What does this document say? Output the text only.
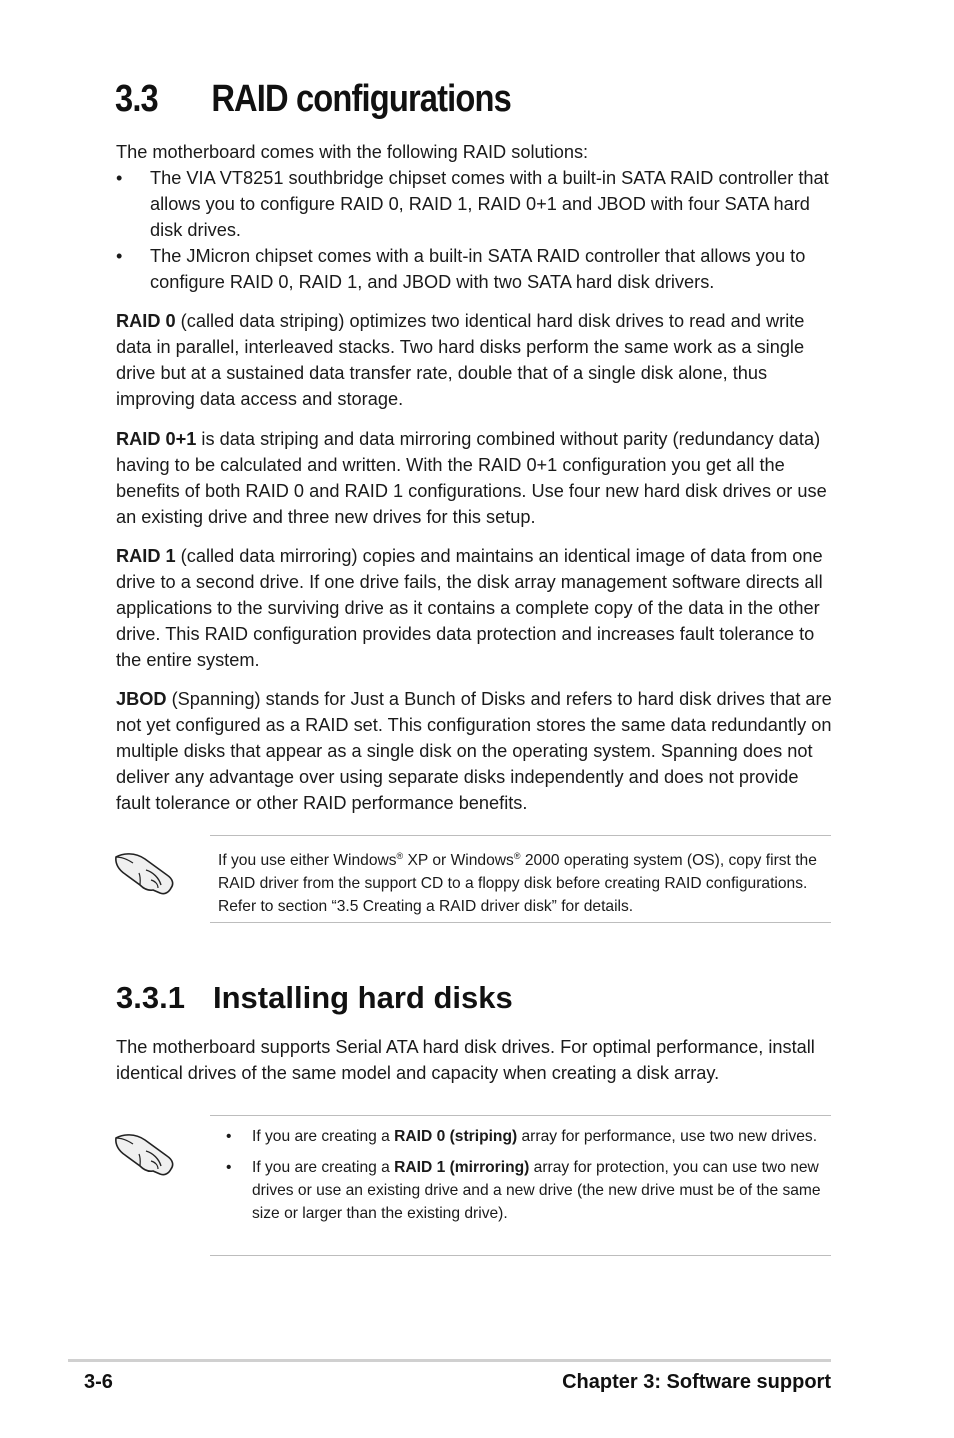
3.3 RAID configurations
The motherboard comes with the following RAID solutions:
• The VIA VT8251 southbridge chipset comes with a built-in SATA RAID controller that allows you to configure RAID 0, RAID 1, RAID 0+1 and JBOD with four SATA hard disk drives.
• The JMicron chipset comes with a built-in SATA RAID controller that allows you to configure RAID 0, RAID 1, and JBOD with two SATA hard disk drivers.

RAID 0 (called data striping) optimizes two identical hard disk drives to read and write data in parallel, interleaved stacks. Two hard disks perform the same work as a single drive but at a sustained data transfer rate, double that of a single disk alone, thus improving data access and storage.

RAID 0+1 is data striping and data mirroring combined without parity (redundancy data) having to be calculated and written. With the RAID 0+1 configuration you get all the benefits of both RAID 0 and RAID 1 configurations. Use four new hard disk drives or use an existing drive and three new drives for this setup.

RAID 1 (called data mirroring) copies and maintains an identical image of data from one drive to a second drive. If one drive fails, the disk array management software directs all applications to the surviving drive as it contains a complete copy of the data in the other drive. This RAID configuration provides data protection and increases fault tolerance to the entire system.

JBOD (Spanning) stands for Just a Bunch of Disks and refers to hard disk drives that are not yet configured as a RAID set. This configuration stores the same data redundantly on multiple disks that appear as a single disk on the operating system. Spanning does not deliver any advantage over using separate disks independently and does not provide fault tolerance or other RAID performance benefits.

If you use either Windows® XP or Windows® 2000 operating system (OS), copy first the RAID driver from the support CD to a floppy disk before creating RAID configurations. Refer to section “3.5 Creating a RAID driver disk” for details.
3.3.1 Installing hard disks

The motherboard supports Serial ATA hard disk drives. For optimal performance, install identical drives of the same model and capacity when creating a disk array.

• If you are creating a RAID 0 (striping) array for performance, use two new drives.
• If you are creating a RAID 1 (mirroring) array for protection, you can use two new drives or use an existing drive and a new drive (the new drive must be of the same size or larger than the existing drive).
3-6	Chapter 3: Software support
